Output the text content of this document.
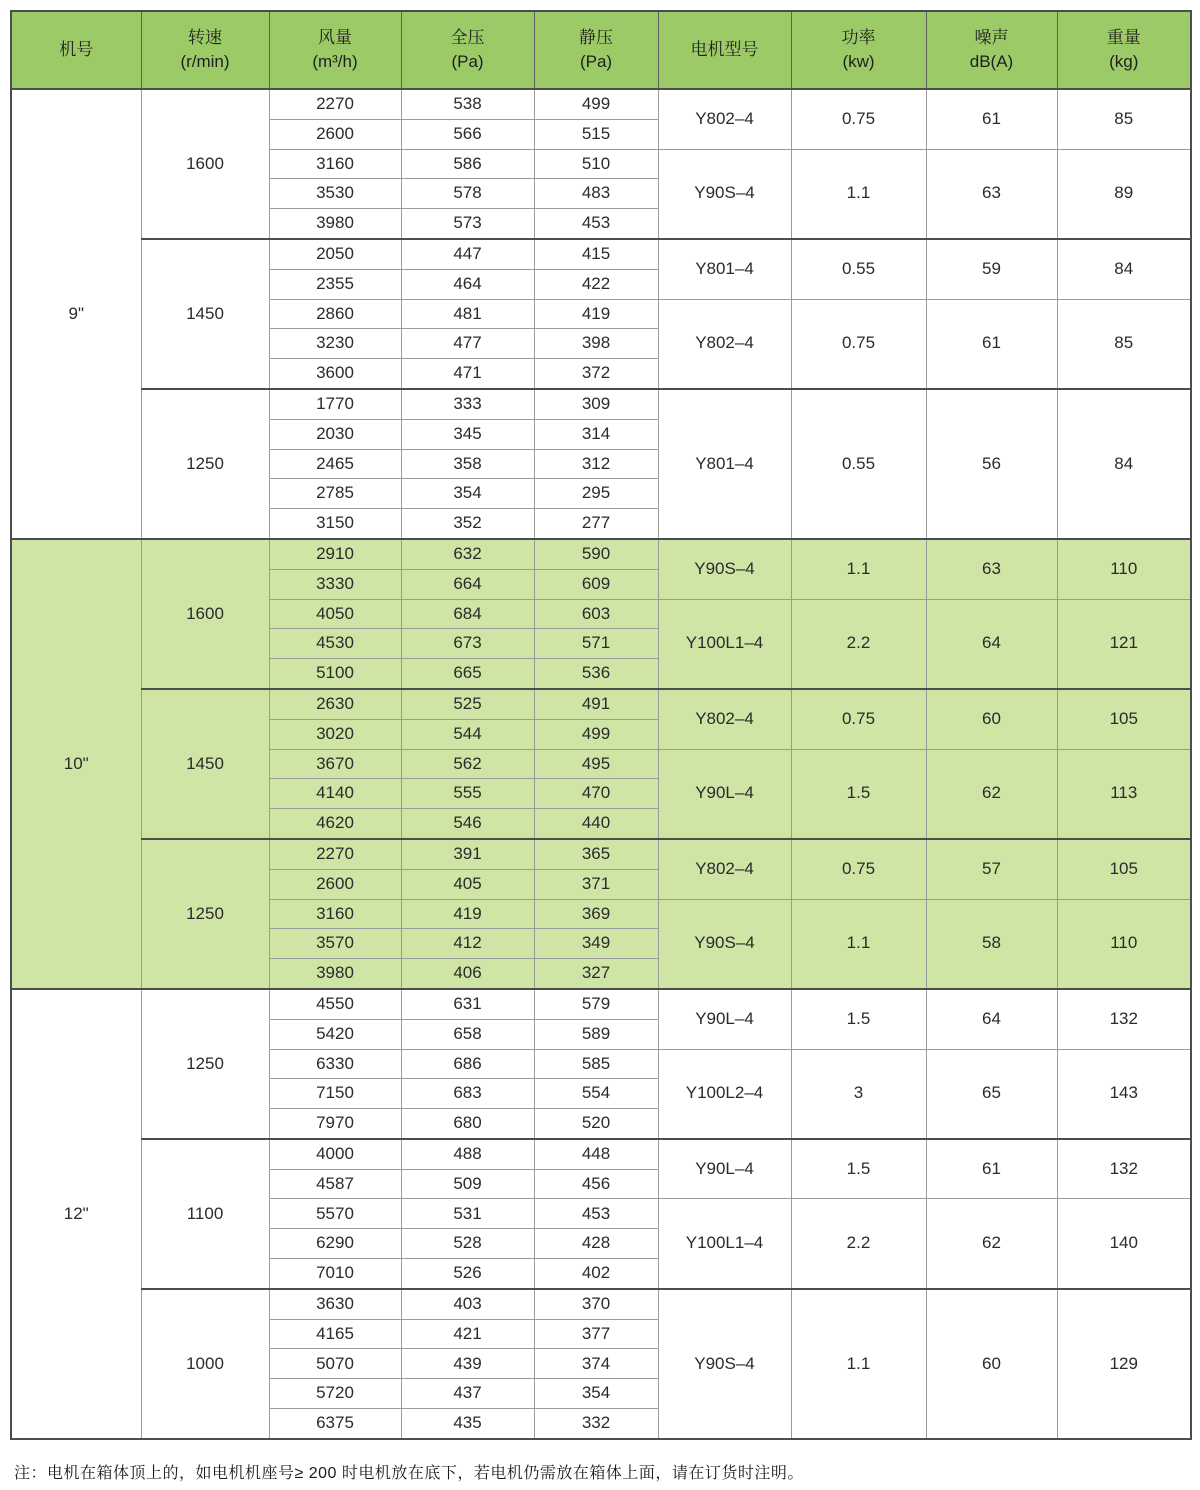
机号	转速
(r/min)	风量
(m³/h)	全压
(Pa)	静压
(Pa)	电机型号	功率
(kw)	噪声
dB(A)	重量
(kg)

9"	1600	2270	538	499	Y802–4	0.75	61	85
		2600	566	515				
		3160	586	510	Y90S–4	1.1	63	89
		3530	578	483				
		3980	573	453				
	1450	2050	447	415	Y801–4	0.55	59	84
		2355	464	422				
		2860	481	419	Y802–4	0.75	61	85
		3230	477	398				
		3600	471	372				
	1250	1770	333	309	Y801–4	0.55	56	84
		2030	345	314				
		2465	358	312				
		2785	354	295				
		3150	352	277				
10"	1600	2910	632	590	Y90S–4	1.1	63	110
		3330	664	609				
		4050	684	603	Y100L1–4	2.2	64	121
		4530	673	571				
		5100	665	536				
	1450	2630	525	491	Y802–4	0.75	60	105
		3020	544	499				
		3670	562	495	Y90L–4	1.5	62	113
		4140	555	470				
		4620	546	440				
	1250	2270	391	365	Y802–4	0.75	57	105
		2600	405	371				
		3160	419	369	Y90S–4	1.1	58	110
		3570	412	349				
		3980	406	327				
12"	1250	4550	631	579	Y90L–4	1.5	64	132
		5420	658	589				
		6330	686	585	Y100L2–4	3	65	143
		7150	683	554				
		7970	680	520				
	1100	4000	488	448	Y90L–4	1.5	61	132
		4587	509	456				
		5570	531	453	Y100L1–4	2.2	62	140
		6290	528	428				
		7010	526	402				
	1000	3630	403	370	Y90S–4	1.1	60	129
		4165	421	377				
		5070	439	374				
		5720	437	354				
		6375	435	332				
注：电机在箱体顶上的，如电机机座号≥ 200 时电机放在底下，若电机仍需放在箱体上面，请在订货时注明。
